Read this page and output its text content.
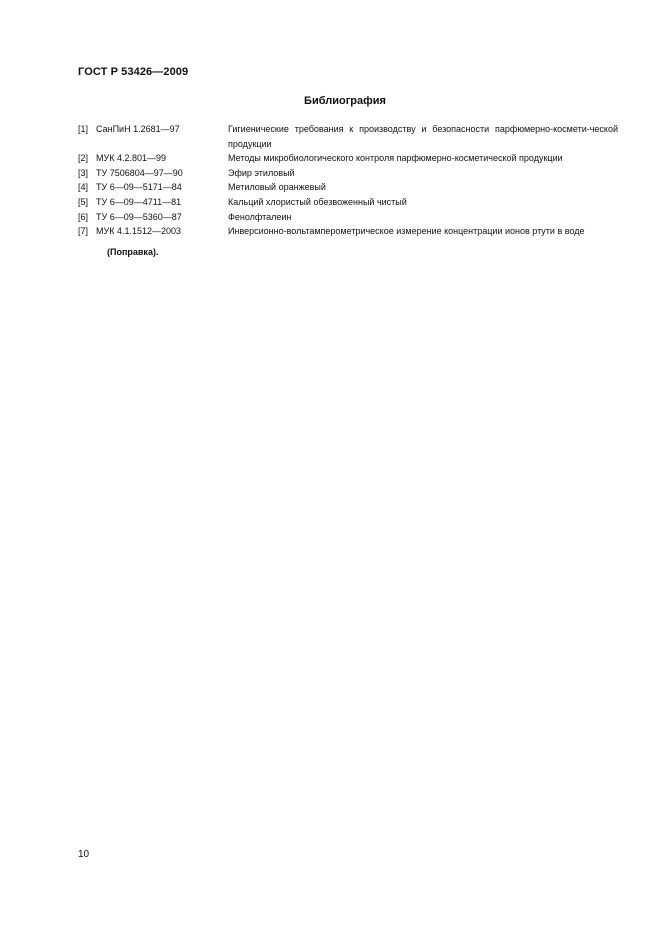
ГОСТ Р 53426—2009
Библиография
[1] СанПиН 1.2681—97	Гигиенические требования к производству и безопасности парфюмерно-космети-ческой продукции
[2] МУК 4.2.801—99	Методы микробиологического контроля парфюмерно-косметической продукции
[3] ТУ 7506804—97—90	Эфир этиловый
[4] ТУ 6—09—5171—84	Метиловый оранжевый
[5] ТУ 6—09—4711—81	Кальций хлористый обезвоженный чистый
[6] ТУ 6—09—5360—87	Фенолфталеин
[7] МУК 4.1.1512—2003	Инверсионно-вольтамперометрическое измерение концентрации ионов ртути в воде
(Поправка).
10
